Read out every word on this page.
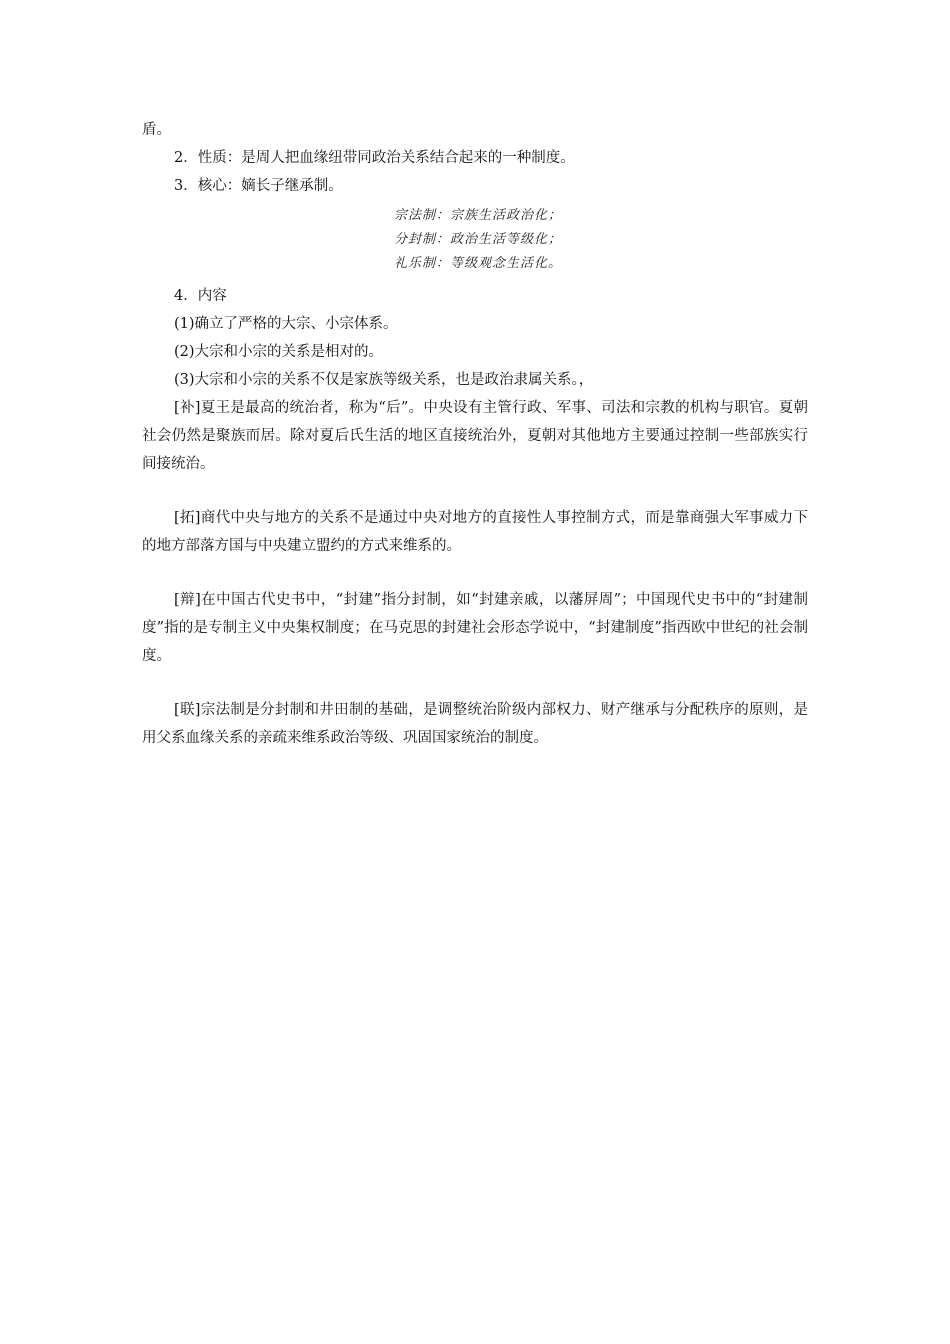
盾。

2．性质：是周人把血缘纽带同政治关系结合起来的一种制度。

3．核心：嫡长子继承制。

宗法制：宗族生活政治化；
分封制：政治生活等级化；
礼乐制：等级观念生活化。

4．内容

(1)确立了严格的大宗、小宗体系。

(2)大宗和小宗的关系是相对的。

(3)大宗和小宗的关系不仅是家族等级关系，也是政治隶属关系。，

[补]夏王是最高的统治者，称为“后”。中央设有主管行政、军事、司法和宗教的机构与职官。夏朝社会仍然是聚族而居。除对夏后氏生活的地区直接统治外，夏朝对其他地方主要通过控制一些部族实行间接统治。

[拓]商代中央与地方的关系不是通过中央对地方的直接性人事控制方式，而是靠商强大军事威力下的地方部落方国与中央建立盟约的方式来维系的。

[辩]在中国古代史书中，“封建”指分封制，如“封建亲戚，以藩屏周”；中国现代史书中的“封建制度”指的是专制主义中央集权制度；在马克思的封建社会形态学说中，“封建制度”指西欧中世纪的社会制度。

[联]宗法制是分封制和井田制的基础，是调整统治阶级内部权力、财产继承与分配秩序的原则，是用父系血缘关系的亲疏来维系政治等级、巩固国家统治的制度。
